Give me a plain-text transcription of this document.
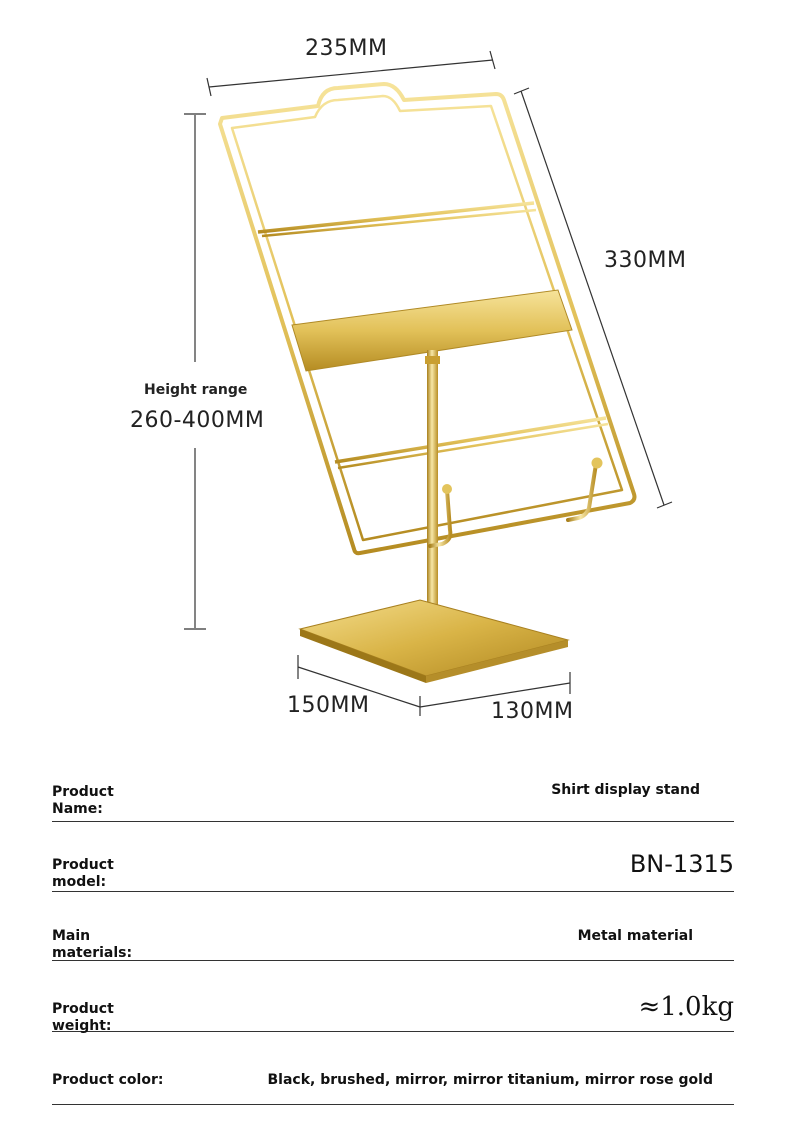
235MM
330MM
Height range
260-400MM
150MM	130MM
Product Name:
Shirt display stand
Product model:
BN-1315
Main materials:
Metal material
Product weight:
≈1.0kg
Product color:	Black, brushed, mirror, mirror titanium, mirror rose gold
